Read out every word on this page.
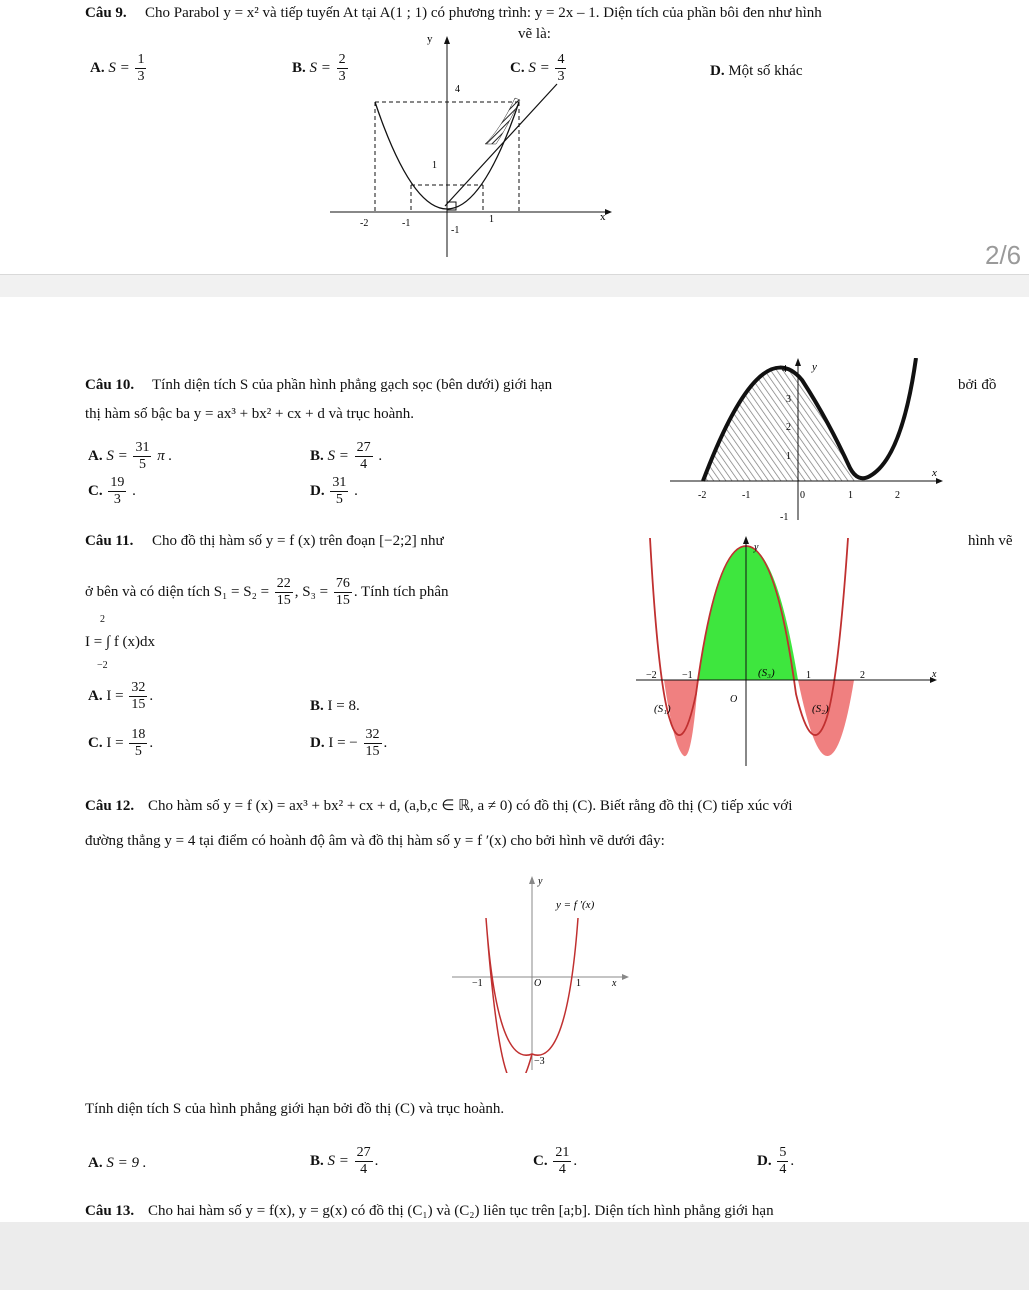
Câu 9. Cho Parabol y = x² và tiếp tuyến At tại A(1 ; 1) có phương trình: y = 2x – 1. Diện tích của phần bôi đen như hình
vẽ là:
A. $S = \frac{1}{3}$	B. $S = \frac{2}{3}$	C. $S = \frac{4}{3}$	D. Một số khác
y
x
4
1
-2	-1	1
-1
2/6
Câu 10. Tính diện tích S của phần hình phẳng gạch sọc (bên dưới) giới hạn	bởi đồ
thị hàm số bậc ba y = ax³ + bx² + cx + d và trục hoành.
A. $S = \frac{31}{5}$ π .	B. $S = \frac{27}{4}$ .
C. $\frac{19}{3}$ .	D. $\frac{31}{5}$ .
y
x
4
3
2
1
-1
-2	-1	0	1	2
Câu 11. Cho đồ thị hàm số y = f (x) trên đoạn [−2;2] như	hình vẽ
ở bên và có diện tích $S_1 = S_2 = \frac{22}{15}$ , $S_3 = \frac{76}{15}$ . Tính tích phân
I = ∫ f (x)dx
2
−2
A. $I = \frac{32}{15}$ .
B. I = 8.
C. $I = \frac{18}{5}$ .	D. I = − $\frac{32}{15}$ .
y
x
(S₁)	(S₂)
(S₃)
O
−2	−1	1	2
Câu 12. Cho hàm số y = f (x) = ax³ + bx² + cx + d, (a,b,c ∈ ℝ, a ≠ 0) có đồ thị (C). Biết rằng đồ thị (C) tiếp xúc với
đường thẳng y = 4 tại điểm có hoành độ âm và đồ thị hàm số y = f ′(x) cho bởi hình vẽ dưới đây:
y
y = f ′(x)
x
−1	O	1
−3
Tính diện tích S của hình phẳng giới hạn bởi đồ thị (C) và trục hoành.
A. S = 9 .	B. $S = \frac{27}{4}$ .	C. $\frac{21}{4}$ .	D. $\frac{5}{4}$ .
Câu 13. Cho hai hàm số y = f(x), y = g(x) có đồ thị (C₁) và (C₂) liên tục trên [a;b]. Diện tích hình phẳng giới hạn
